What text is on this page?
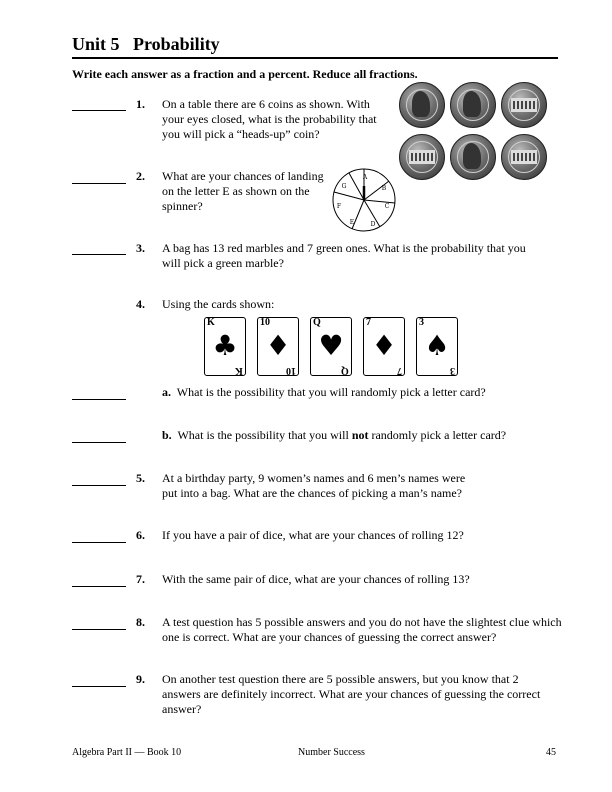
Unit 5   Probability
Write each answer as a fraction and a percent. Reduce all fractions.
1. On a table there are 6 coins as shown. With
your eyes closed, what is the probability that
you will pick a “heads-up” coin?
2. What are your chances of landing
on the letter E as shown on the
spinner?
A
B
C
D
E
F
G
3. A bag has 13 red marbles and 7 green ones. What is the probability that you
will pick a green marble?
4. Using the cards shown:
K
♣
K
10
♦
10
Q
♥
Q
7
♦
7
3
♠
3
a. What is the possibility that you will randomly pick a letter card?
b. What is the possibility that you will not randomly pick a letter card?
5. At a birthday party, 9 women’s names and 6 men’s names were
put into a bag. What are the chances of picking a man’s name?
6. If you have a pair of dice, what are your chances of rolling 12?
7. With the same pair of dice, what are your chances of rolling 13?
8. A test question has 5 possible answers and you do not have the slightest clue which
one is correct. What are your chances of guessing the correct answer?
9. On another test question there are 5 possible answers, but you know that 2
answers are definitely incorrect. What are your chances of guessing the correct
answer?
Algebra Part II — Book 10	Number Success	45
